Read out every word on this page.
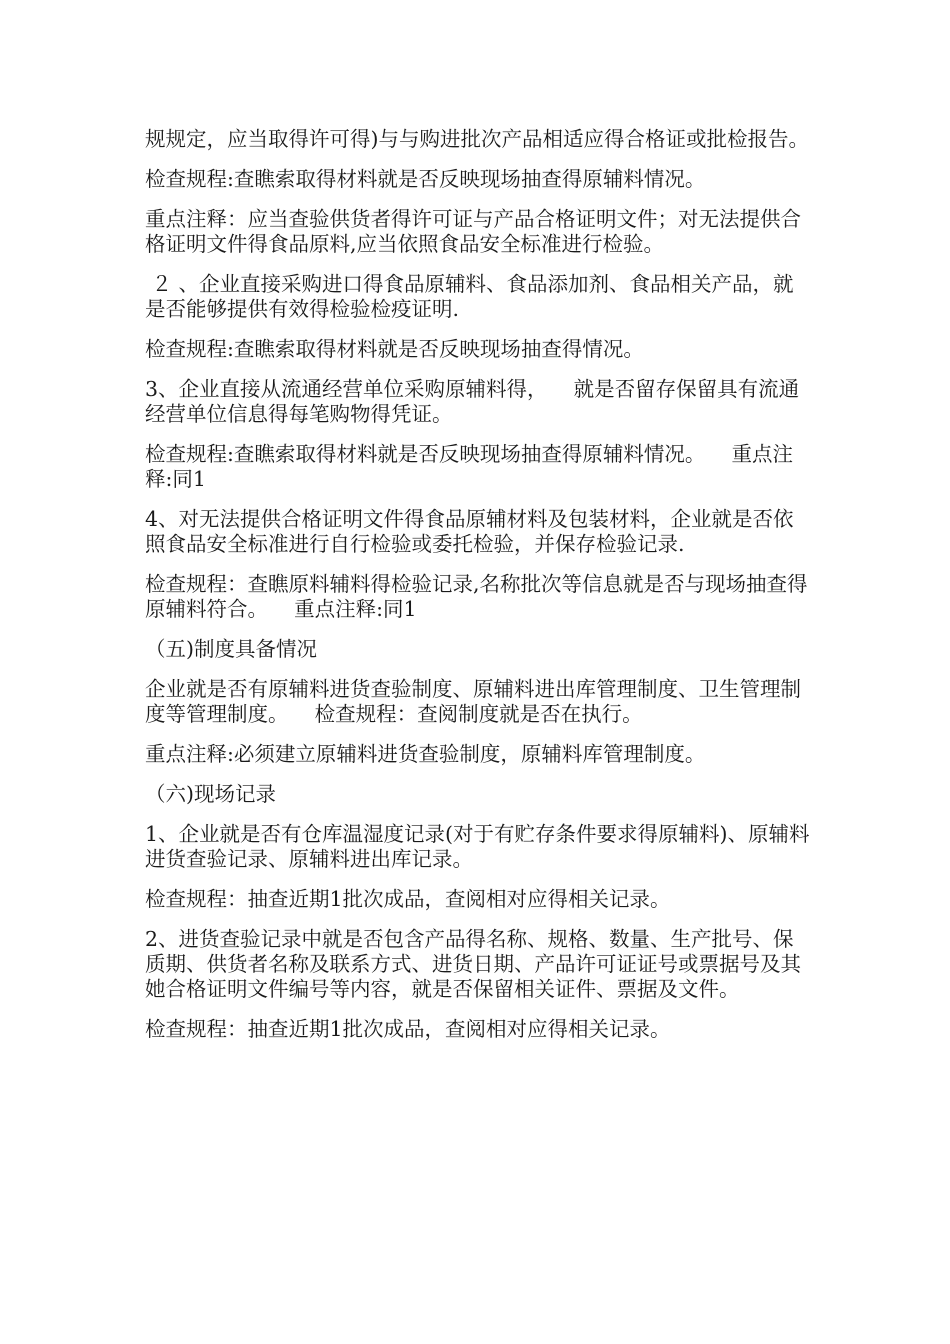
规规定，应当取得许可得)与与购进批次产品相适应得合格证或批检报告。

检查规程:查瞧索取得材料就是否反映现场抽查得原辅料情况。

重点注释：应当查验供货者得许可证与产品合格证明文件；对无法提供合格证明文件得食品原料,应当依照食品安全标准进行检验。

２ 、企业直接采购进口得食品原辅料、食品添加剂、食品相关产品，就是否能够提供有效得检验检疫证明.

检查规程:查瞧索取得材料就是否反映现场抽查得情况。

3、企业直接从流通经营单位采购原辅料得，    就是否留存保留具有流通经营单位信息得每笔购物得凭证。

检查规程:查瞧索取得材料就是否反映现场抽查得原辅料情况。    重点注释:同1

4、对无法提供合格证明文件得食品原辅材料及包装材料，企业就是否依照食品安全标准进行自行检验或委托检验，并保存检验记录.

检查规程：查瞧原料辅料得检验记录,名称批次等信息就是否与现场抽查得原辅料符合。    重点注释:同1

（五)制度具备情况

企业就是否有原辅料进货查验制度、原辅料进出库管理制度、卫生管理制度等管理制度。    检查规程：查阅制度就是否在执行。

重点注释:必须建立原辅料进货查验制度，原辅料库管理制度。

（六)现场记录

1、企业就是否有仓库温湿度记录(对于有贮存条件要求得原辅料)、原辅料进货查验记录、原辅料进出库记录。

检查规程：抽查近期1批次成品，查阅相对应得相关记录。

2、进货查验记录中就是否包含产品得名称、规格、数量、生产批号、保质期、供货者名称及联系方式、进货日期、产品许可证证号或票据号及其她合格证明文件编号等内容，就是否保留相关证件、票据及文件。

检查规程：抽查近期1批次成品，查阅相对应得相关记录。
